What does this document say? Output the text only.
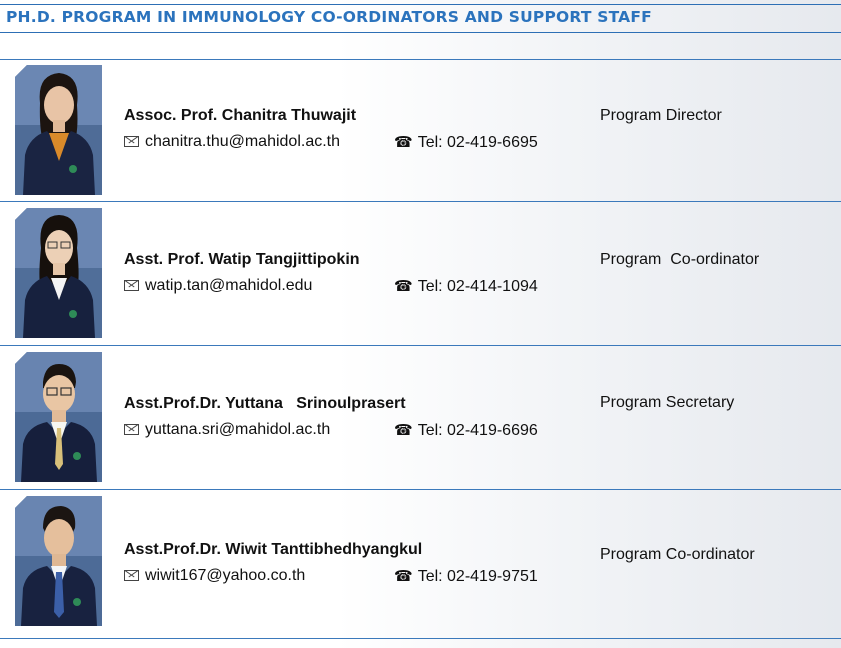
PH.D. PROGRAM IN IMMUNOLOGY CO-ORDINATORS AND SUPPORT STAFF
Assoc. Prof. Chanitra Thuwajit
chanitra.thu@mahidol.ac.th	☎ Tel: 02-419-6695
Program Director
Asst. Prof. Watip Tangjittipokin
watip.tan@mahidol.edu	☎ Tel: 02-414-1094
Program  Co-ordinator
Asst.Prof.Dr. Yuttana   Srinoulprasert
yuttana.sri@mahidol.ac.th	☎ Tel: 02-419-6696
Program Secretary
Asst.Prof.Dr. Wiwit Tanttibhedhyangkul
wiwit167@yahoo.co.th	☎ Tel: 02-419-9751
Program Co-ordinator
